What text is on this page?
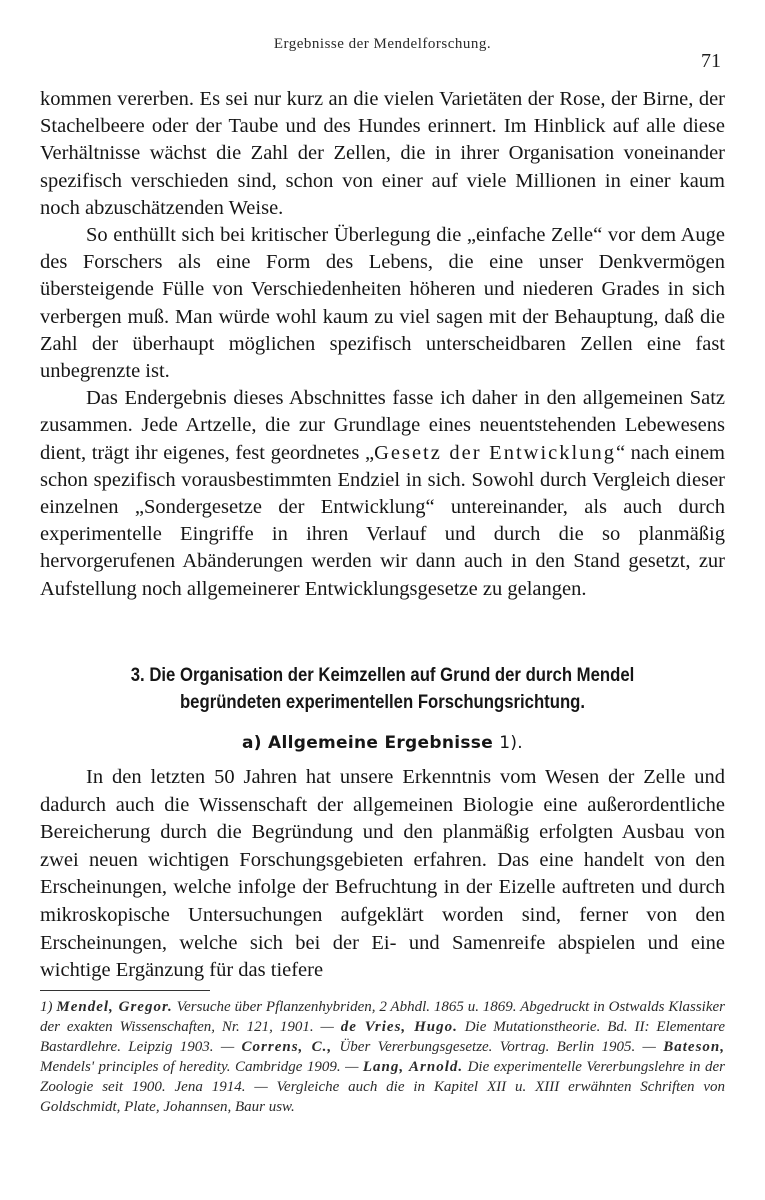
Ergebnisse der Mendelforschung.
71

kommen vererben. Es sei nur kurz an die vielen Varietäten der Rose, der Birne, der Stachelbeere oder der Taube und des Hundes erinnert. Im Hinblick auf alle diese Verhältnisse wächst die Zahl der Zellen, die in ihrer Organisation voneinander spezifisch verschieden sind, schon von einer auf viele Millionen in einer kaum noch abzuschätzenden Weise.

So enthüllt sich bei kritischer Überlegung die „einfache Zelle“ vor dem Auge des Forschers als eine Form des Lebens, die eine unser Denkvermögen übersteigende Fülle von Verschiedenheiten höheren und niederen Grades in sich verbergen muß. Man würde wohl kaum zu viel sagen mit der Behauptung, daß die Zahl der überhaupt möglichen spezifisch unterscheidbaren Zellen eine fast unbegrenzte ist.

Das Endergebnis dieses Abschnittes fasse ich daher in den allgemeinen Satz zusammen. Jede Artzelle, die zur Grundlage eines neuentstehenden Lebewesens dient, trägt ihr eigenes, fest geordnetes „Gesetz der Entwicklung“ nach einem schon spezifisch vorausbestimmten Endziel in sich. Sowohl durch Vergleich dieser einzelnen „Sondergesetze der Entwicklung“ untereinander, als auch durch experimentelle Eingriffe in ihren Verlauf und durch die so planmäßig hervorgerufenen Abänderungen werden wir dann auch in den Stand gesetzt, zur Aufstellung noch allgemeinerer Entwicklungsgesetze zu gelangen.

3. Die Organisation der Keimzellen auf Grund der durch Mendel
begründeten experimentellen Forschungsrichtung.
a) Allgemeine Ergebnisse 1).

In den letzten 50 Jahren hat unsere Erkenntnis vom Wesen der Zelle und dadurch auch die Wissenschaft der allgemeinen Biologie eine außerordentliche Bereicherung durch die Begründung und den planmäßig erfolgten Ausbau von zwei neuen wichtigen Forschungsgebieten erfahren. Das eine handelt von den Erscheinungen, welche infolge der Befruchtung in der Eizelle auftreten und durch mikroskopische Untersuchungen aufgeklärt worden sind, ferner von den Erscheinungen, welche sich bei der Ei- und Samenreife abspielen und eine wichtige Ergänzung für das tiefere

1) Mendel, Gregor. Versuche über Pflanzenhybriden, 2 Abhdl. 1865 u. 1869. Abgedruckt in Ostwalds Klassiker der exakten Wissenschaften, Nr. 121, 1901. — de Vries, Hugo. Die Mutationstheorie. Bd. II: Elementare Bastardlehre. Leipzig 1903. — Correns, C., Über Vererbungsgesetze. Vortrag. Berlin 1905. — Bateson, Mendels' principles of heredity. Cambridge 1909. — Lang, Arnold. Die experimentelle Vererbungslehre in der Zoologie seit 1900. Jena 1914. — Vergleiche auch die in Kapitel XII u. XIII erwähnten Schriften von Goldschmidt, Plate, Johannsen, Baur usw.
